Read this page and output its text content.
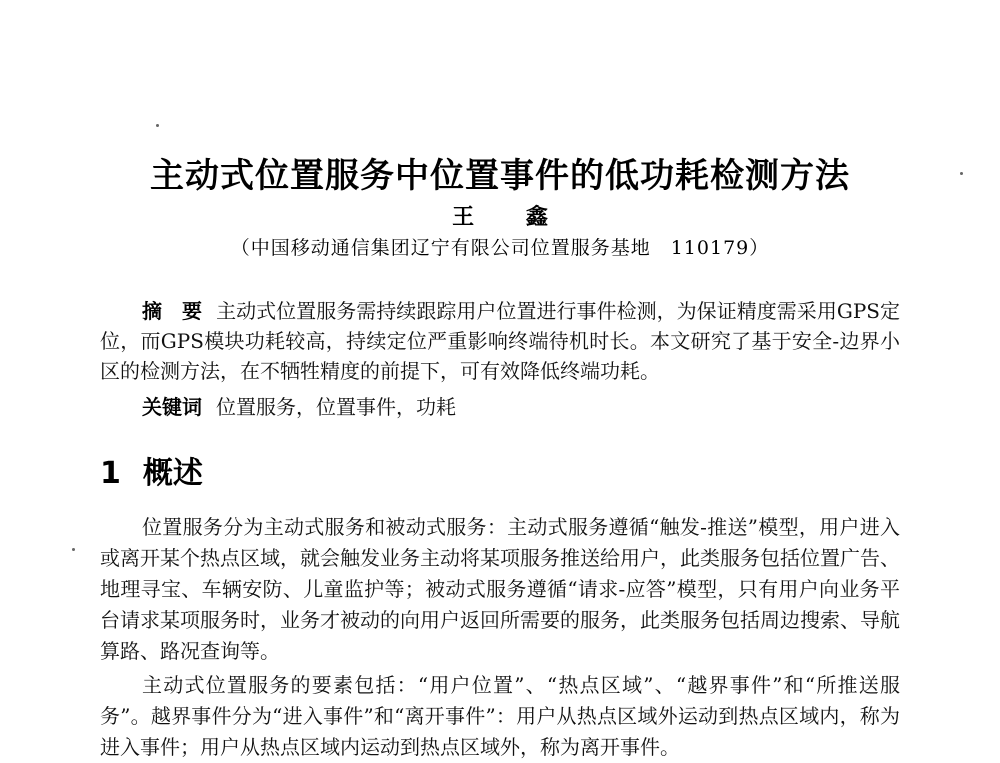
主动式位置服务中位置事件的低功耗检测方法
王 鑫
（中国移动通信集团辽宁有限公司位置服务基地　110179）
摘　要 主动式位置服务需持续跟踪用户位置进行事件检测，为保证精度需采用GPS定位，而GPS模块功耗较高，持续定位严重影响终端待机时长。本文研究了基于安全-边界小区的检测方法，在不牺牲精度的前提下，可有效降低终端功耗。
关键词 位置服务，位置事件，功耗
1 概述
位置服务分为主动式服务和被动式服务：主动式服务遵循“触发-推送”模型，用户进入或离开某个热点区域，就会触发业务主动将某项服务推送给用户，此类服务包括位置广告、地理寻宝、车辆安防、儿童监护等；被动式服务遵循“请求-应答”模型，只有用户向业务平台请求某项服务时，业务才被动的向用户返回所需要的服务，此类服务包括周边搜索、导航算路、路况查询等。
主动式位置服务的要素包括：“用户位置”、“热点区域”、“越界事件”和“所推送服务”。越界事件分为“进入事件”和“离开事件”：用户从热点区域外运动到热点区域内，称为进入事件；用户从热点区域内运动到热点区域外，称为离开事件。
